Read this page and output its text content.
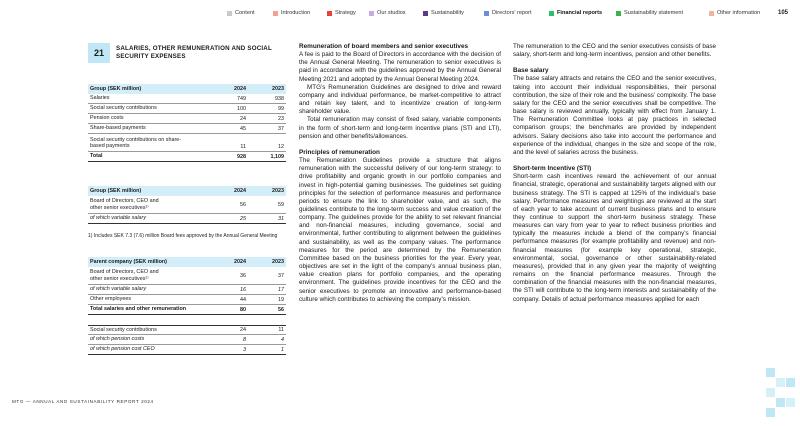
Content	Introduction	Strategy	Our studios	Sustainability	Directors’ report	Financial reports	Sustainability statement	Other information	105
21	SALARIES, OTHER REMUNERATION AND SOCIAL SECURITY EXPENSES
Group (SEK million)	2024	2023
Salaries	749	938
Social security contributions	100	99
Pension costs	24	23
Share-based payments	45	37
Social security contributions on share-based payments	11	12
Total	928	1,109
Group (SEK million)	2024	2023
Board of Directors, CEO and other senior executives¹⁾	56	59
of which variable salary	25	31
1) Includes SEK 7.3 (7.6) million Board fees approved by the Annual General Meeting
Parent company (SEK million)	2024	2023
Board of Directors, CEO and other senior executives¹⁾	36	37
of which variable salary	16	17
Other employees	44	19
Total salaries and other remuneration	80	56
Social security contributions	24	11
of which pension costs	8	4
of which pension cost CEO	3	1
MTG — ANNUAL AND SUSTAINABILITY REPORT 2024
Remuneration of board members and senior executives

A fee is paid to the Board of Directors in accordance with the decision of the Annual General Meeting. The remuneration to senior executives is paid in accordance with the guidelines approved by the Annual General Meeting 2021 and adopted by the Annual General Meeting 2024.

MTG’s Remuneration Guidelines are designed to drive and reward company and individual performance, be market-competitive to attract and retain key talent, and to incentivize creation of long-term shareholder value.

Total remuneration may consist of fixed salary, variable components in the form of short-term and long-term incentive plans (STI and LTI), pension and other benefits/allowances.

Principles of remuneration

The Remuneration Guidelines provide a structure that aligns remuneration with the successful delivery of our long-term strategy: to drive profitability and organic growth in our portfolio companies and invest in high-potential gaming businesses. The guidelines set guiding principles for the selection of performance measures and performance periods to ensure the link to shareholder value, and as such, the guidelines contribute to the long-term success and value creation of the company. The guidelines provide for the ability to set relevant financial and non-financial measures, including governance, social and environmental, further contributing to alignment between the guidelines and sustainability, as well as the company values. The performance measures for the period are determined by the Remuneration Committee based on the business priorities for the year. Every year, objectives are set in the light of the company’s annual business plan, value creation plans for portfolio companies, and the operating environment. The guidelines provide incentives for the CEO and the senior executives to promote an innovative and performance-based culture which contributes to achieving the company’s mission.

The remuneration to the CEO and the senior executives consists of base salary, short-term and long-term incentives, pension and other benefits.

Base salary

The base salary attracts and retains the CEO and the senior executives, taking into account their individual responsibilities, their personal contribution, the size of their role and the business’ complexity. The base salary for the CEO and the senior executives shall be competitive. The base salary is reviewed annually, typically with effect from January 1. The Remuneration Committee looks at pay practices in selected comparison groups; the benchmarks are provided by independent advisors. Salary decisions also take into account the performance and experience of the individual, changes in the size and scope of the role, and the level of salaries across the business.

Short-term Incentive (STI)

Short-term cash incentives reward the achievement of our annual financial, strategic, operational and sustainability targets aligned with our business strategy. The STI is capped at 125% of the individual’s base salary. Performance measures and weightings are reviewed at the start of each year to take account of current business plans and to ensure they continue to support the short-term business strategy. These measures can vary from year to year to reflect business priorities and typically the measures include a blend of the company’s financial performance measures (for example profitability and revenue) and non-financial measures (for example key operational, strategic, environmental, social, governance or other sustainability-related measures), provided that in any given year the majority of weighting remains on the financial performance measures. Through the combination of the financial measures with the non-financial measures, the STI will contribute to the long-term interests and sustainability of the company. Details of actual performance measures applied for each
